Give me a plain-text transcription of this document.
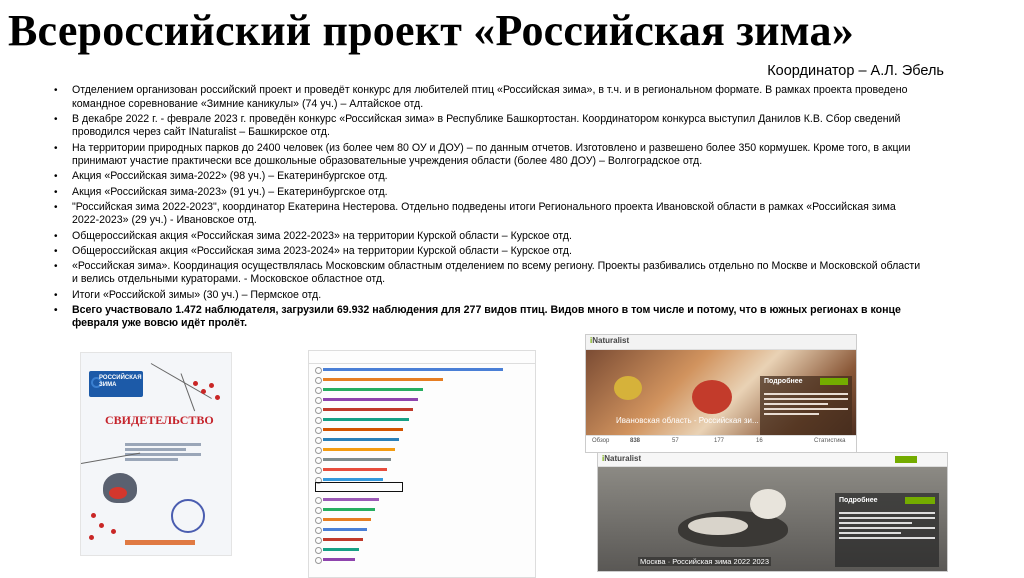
Всероссийский проект «Российская зима»
Координатор – А.Л. Эбель
• Отделением организован российский проект и проведёт конкурс для любителей птиц «Российская зима», в т.ч. и в региональном формате. В рамках проекта проведено командное соревнование «Зимние каникулы» (74 уч.) – Алтайское отд.
• В декабре 2022 г. - феврале 2023 г. проведён конкурс «Российская зима» в Республике Башкортостан. Координатором конкурса выступил Данилов К.В. Сбор сведений проводился через сайт INaturalist – Башкирское отд.
• На территории природных парков до 2400 человек (из более чем 80 ОУ и ДОУ) – по данным отчетов. Изготовлено и развешено более 350 кормушек. Кроме того, в акции принимают участие практически все дошкольные образовательные учреждения области (более 480 ДОУ) – Волгоградское отд.
• Акция «Российская зима-2022» (98 уч.) – Екатеринбургское отд.
• Акция «Российская зима-2023» (91 уч.) – Екатеринбургское отд.
• "Российская зима 2022-2023", координатор Екатерина Нестерова. Отдельно подведены итоги Регионального проекта Ивановской области в рамках «Российская зима 2022-2023» (29 уч.) - Ивановское отд.
• Общероссийская акция «Российская зима 2022-2023» на территории Курской области – Курское отд.
• Общероссийская акция «Российская зима 2023-2024» на территории Курской области – Курское отд.
• «Российская зима». Координация осуществлялась Московским областным отделением по всему региону. Проекты разбивались отдельно по Москве и Московской области и велись отдельными кураторами. - Московское областное отд.
• Итоги «Российской зимы» (30 уч.) – Пермское отд.
• Всего участвовало 1.472 наблюдателя, загрузили 69.932 наблюдения для 277 видов птиц. Видов много в том числе и потому, что в южных регионах в конце февраля уже вовсю идёт пролёт.
РОССИЙСКАЯ ЗИМА
СВИДЕТЕЛЬСТВО
iNaturalist
Ивановская область - Российская зи...
Подробнее
Обзор	838	57	177	16	Статистика
iNaturalist
Москва · Российская зима 2022 2023
Подробнее
